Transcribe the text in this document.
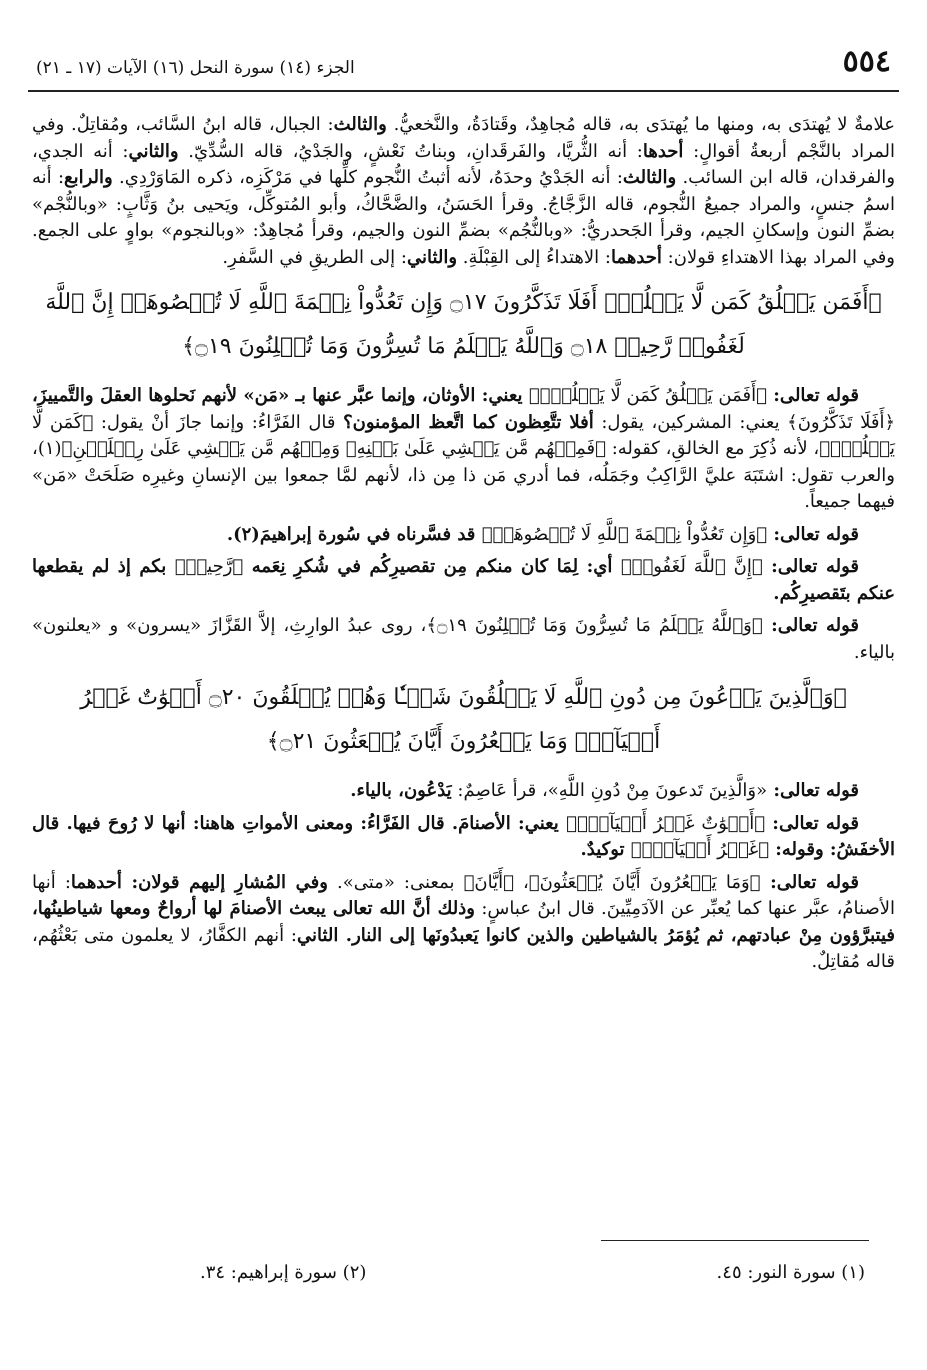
٥٥٤
الجزء (١٤) سورة النحل (١٦) الآيات (١٧ ـ ٢١)

علامةٌ لا يُهتدَى به، ومنها ما يُهتدَى به، قاله مُجاهِدٌ، وقَتادَةُ، والنَّخعيُّ. والثالث: الجبال، قاله ابنُ السَّائب، ومُقاتِلٌ. وفي المراد بالنَّجْم أربعةُ أقوالٍ: أحدها: أنه الثُّريَّا، والفَرقَدانِ، وبناتُ نَعْشٍ، والجَدْيُ، قاله السُّدِّيّ. والثاني: أنه الجدي، والفرقدان، قاله ابن السائب. والثالث: أنه الجَدْيُ وحدَهُ، لأنه أثبتُ النُّجوم كلِّها في مَرْكَزِه، ذكره المَاوَرْدِي. والرابع: أنه اسمُ جنسٍ، والمراد جميعُ النُّجوم، قاله الزَّجَّاجُ. وقرأ الحَسَنُ، والضَّحَّاكُ، وأبو المُتوكِّل، ويَحيى بنُ وَثَّابٍ: «وبالنُّجْم» بضمِّ النون وإسكانِ الجيم، وقرأ الجَحدريُّ: «وبالنُّجُم» بضمِّ النون والجيم، وقرأ مُجاهِدٌ: «وبالنجوم» بواوٍ على الجمع. وفي المراد بهذا الاهتداءِ قولان: أحدهما: الاهتداءُ إلى القِبْلَةِ. والثاني: إلى الطريقِ في السَّفرِ.

﴿أَفَمَن يَخۡلُقُ كَمَن لَّا يَخۡلُقُۚ أَفَلَا تَذَكَّرُونَ ۝١٧ وَإِن تَعُدُّواْ نِعۡمَةَ ٱللَّهِ لَا تُحۡصُوهَآۗ إِنَّ ٱللَّهَ لَغَفُورٞ رَّحِيمٞ ۝١٨ وَٱللَّهُ يَعۡلَمُ مَا تُسِرُّونَ وَمَا تُعۡلِنُونَ ۝١٩﴾

قوله تعالى: ﴿أَفَمَن يَخۡلُقُ كَمَن لَّا يَخۡلُقُۚ﴾ يعني: الأوثان، وإنما عبَّر عنها بـ «مَن» لأنهم نَحلوها العقلَ والتَّمييزَ، ﴿أَفَلَا تَذَكَّرُونَ﴾ يعني: المشركين، يقول: أفلا تتَّعِظون كما اتَّعظ المؤمنون؟ قال الفَرَّاءُ: وإنما جازَ أنْ يقول: ﴿كَمَن لَّا يَخۡلُقُۚ﴾، لأنه ذُكِرَ مع الخالقِ، كقوله: ﴿فَمِنۡهُم مَّن يَمۡشِي عَلَىٰ بَطۡنِهِۦ وَمِنۡهُم مَّن يَمۡشِي عَلَىٰ رِجۡلَيۡنِ﴾(١)، والعرب تقول: اشتَبَهَ عليَّ الرَّاكِبُ وجَمَلُه، فما أدري مَن ذا مِن ذا، لأنهم لمَّا جمعوا بين الإنسانِ وغيرِه صَلَحَتْ «مَن» فيهما جميعاً.

قوله تعالى: ﴿وَإِن تَعُدُّواْ نِعۡمَةَ ٱللَّهِ لَا تُحۡصُوهَآۗ﴾ قد فسَّرناه في سُورة إبراهيمَ(٢).

قوله تعالى: ﴿إِنَّ ٱللَّهَ لَغَفُورٞ﴾ أي: لِمَا كان منكم مِن تقصيرِكُم في شُكرِ نِعَمه ﴿رَّحِيمٞ﴾ بكم إذ لم يقطعها عنكم بتَقصيرِكُم.

قوله تعالى: ﴿وَٱللَّهُ يَعۡلَمُ مَا تُسِرُّونَ وَمَا تُعۡلِنُونَ ۝١٩﴾، روى عبدُ الوارِثِ، إلاَّ القَزَّازَ «يسرون» و «يعلنون» بالياء.

﴿وَٱلَّذِينَ يَدۡعُونَ مِن دُونِ ٱللَّهِ لَا يَخۡلُقُونَ شَيۡـٔٗا وَهُمۡ يُخۡلَقُونَ ۝٢٠ أَمۡوَٰتٌ غَيۡرُ أَحۡيَآءٖۖ وَمَا يَشۡعُرُونَ أَيَّانَ يُبۡعَثُونَ ۝٢١﴾

قوله تعالى: «وَالَّذِينَ تَدعونَ مِنْ دُونِ اللَّهِ»، قرأ عَاصِمٌ: يَدْعُون، بالياء.

قوله تعالى: ﴿أَمۡوَٰتٌ غَيۡرُ أَحۡيَآءٖۖ﴾ يعني: الأصنامَ. قال الفَرَّاءُ: ومعنى الأمواتِ هاهنا: أنها لا رُوحَ فيها. قال الأخفَشُ: وقوله: ﴿غَيۡرُ أَحۡيَآءٖۖ﴾ توكيدٌ.

قوله تعالى: ﴿وَمَا يَشۡعُرُونَ أَيَّانَ يُبۡعَثُونَ﴾، ﴿أَيَّانَ﴾ بمعنى: «متى». وفي المُشارِ إليهم قولان: أحدهما: أنها الأصنامُ، عبَّر عنها كما يُعبِّر عن الآدَمِيِّينَ. قال ابنُ عباسٍ: وذلك أنَّ الله تعالى يبعث الأصنامَ لها أرواحٌ ومعها شياطينُها، فيتبرَّؤون مِنْ عبادتهم، ثم يُؤمَرُ بالشياطين والذين كانوا يَعبدُونَها إلى النار. الثاني: أنهم الكفَّارُ، لا يعلمون متى بَعْثُهُم، قاله مُقاتِلٌ.

(١) سورة النور: ٤٥.
(٢) سورة إبراهيم: ٣٤.
